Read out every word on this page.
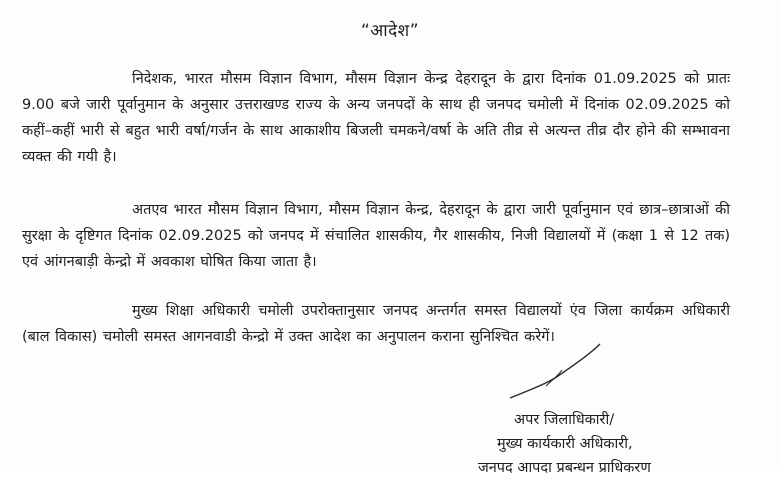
“आदेश”
निदेशक, भारत मौसम विज्ञान विभाग, मौसम विज्ञान केन्द्र देहरादून के द्वारा दिनांक 01.09.2025 को प्रातः 9.00 बजे जारी पूर्वानुमान के अनुसार उत्तराखण्ड राज्य के अन्य जनपदों के साथ ही जनपद चमोली में दिनांक 02.09.2025 को कहीं–कहीं भारी से बहुत भारी वर्षा/गर्जन के साथ आकाशीय बिजली चमकने/वर्षा के अति तीव्र से अत्यन्त तीव्र दौर होने की सम्भावना व्यक्त की गयी है।
अतएव भारत मौसम विज्ञान विभाग, मौसम विज्ञान केन्द्र, देहरादून के द्वारा जारी पूर्वानुमान एवं छात्र–छात्राओं की सुरक्षा के दृष्टिगत दिनांक 02.09.2025 को जनपद में संचालित शासकीय, गैर शासकीय, निजी विद्यालयों में (कक्षा 1 से 12 तक) एवं आंगनबाड़ी केन्द्रो में अवकाश घोषित किया जाता है।
मुख्य शिक्षा अधिकारी चमोली उपरोक्तानुसार जनपद अन्तर्गत समस्त विद्यालयों एंव जिला कार्यक्रम अधिकारी (बाल विकास) चमोली समस्त आगनवाडी केन्द्रो में उक्त आदेश का अनुपालन कराना सुनिश्चित करेगें।
अपर जिलाधिकारी/
मुख्य कार्यकारी अधिकारी,
जनपद आपदा प्रबन्धन प्राधिकरण
